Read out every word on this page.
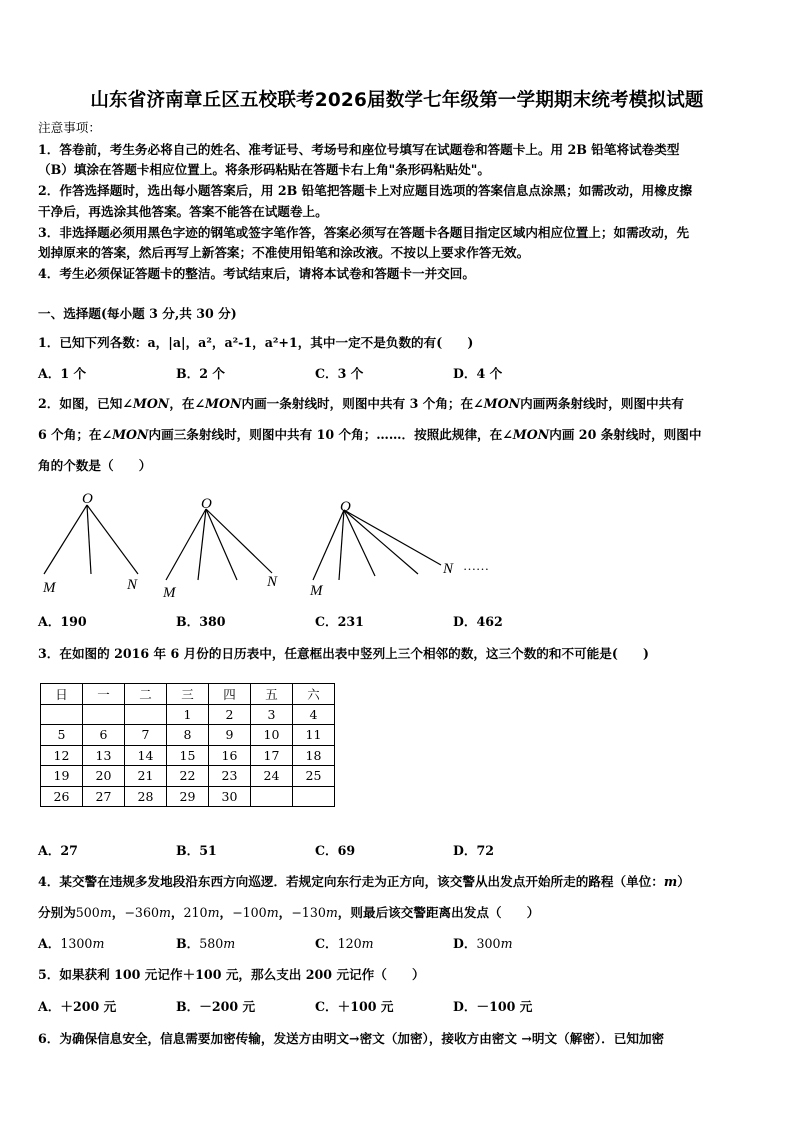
山东省济南章丘区五校联考2026届数学七年级第一学期期末统考模拟试题
注意事项：
1．答卷前，考生务必将自己的姓名、准考证号、考场号和座位号填写在试题卷和答题卡上。用 2B 铅笔将试卷类型
（B）填涂在答题卡相应位置上。将条形码粘贴在答题卡右上角"条形码粘贴处"。
2．作答选择题时，选出每小题答案后，用 2B 铅笔把答题卡上对应题目选项的答案信息点涂黑；如需改动，用橡皮擦
干净后，再选涂其他答案。答案不能答在试题卷上。
3．非选择题必须用黑色字迹的钢笔或签字笔作答，答案必须写在答题卡各题目指定区域内相应位置上；如需改动，先
划掉原来的答案，然后再写上新答案；不准使用铅笔和涂改液。不按以上要求作答无效。
4．考生必须保证答题卡的整洁。考试结束后，请将本试卷和答题卡一并交回。
一、选择题(每小题 3 分,共 30 分)
1．已知下列各数：a，|a|，a²，a²-1，a²+1，其中一定不是负数的有(　　)
A．1 个	B．2 个	C．3 个	D．4 个
2．如图，已知∠MON，在∠MON内画一条射线时，则图中共有 3 个角；在∠MON内画两条射线时，则图中共有
6 个角；在∠MON内画三条射线时，则图中共有 10 个角；……．按照此规律，在∠MON内画 20 条射线时，则图中
角的个数是（　　）
O
M	N
O
M
N
O
M
N ……
A．190	B．380	C．231	D．462
3．在如图的 2016 年 6 月份的日历表中，任意框出表中竖列上三个相邻的数，这三个数的和不可能是(　　)
日	一	二	三	四	五	六
			1	2	3	4
5	6	7	8	9	10	11
12	13	14	15	16	17	18
19	20	21	22	23	24	25
26	27	28	29	30		
A．27	B．51	C．69	D．72
4．某交警在违规多发地段沿东西方向巡逻．若规定向东行走为正方向，该交警从出发点开始所走的路程（单位：m）
分别为500m，−360m，210m，−100m，−130m，则最后该交警距离出发点（　　）
A．1300m	B．580m	C．120m	D．300m
5．如果获利 100 元记作＋100 元，那么支出 200 元记作（　　）
A．＋200 元	B．－200 元	C．＋100 元	D．－100 元
6．为确保信息安全，信息需要加密传输，发送方由明文→密文（加密），接收方由密文 →明文（解密）．已知加密
